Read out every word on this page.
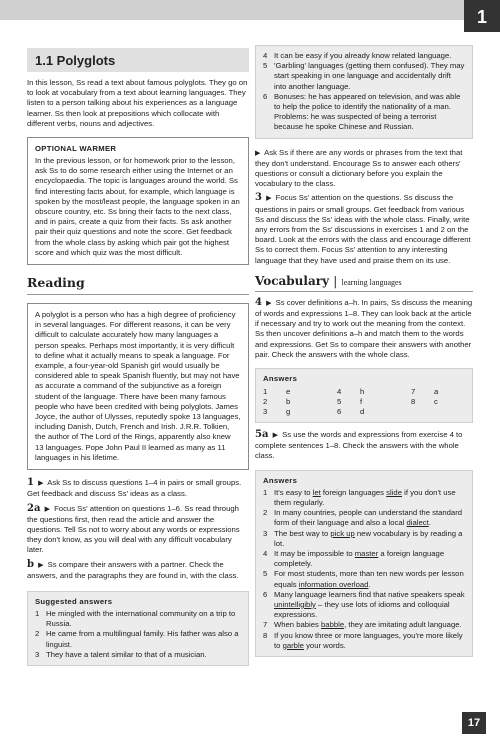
1
1.1 Polyglots

In this lesson, Ss read a text about famous polyglots. They go on to look at vocabulary from a text about learning languages. They listen to a person talking about his experiences as a language learner. Ss then look at prepositions which collocate with different verbs, nouns and adjectives.

OPTIONAL WARMER

In the previous lesson, or for homework prior to the lesson, ask Ss to do some research either using the Internet or an encyclopaedia. The topic is languages around the world. Ss find interesting facts about, for example, which language is spoken by the most/least people, the language spoken in an obscure country, etc. Ss bring their facts to the next class, and in pairs, create a quiz from their facts. Ss ask another pair their quiz questions and note the score. Get feedback from the whole class by asking which pair got the highest score and which quiz was the most difficult.

Reading

A polyglot is a person who has a high degree of proficiency in several languages. For different reasons, it can be very difficult to calculate accurately how many languages a person speaks. Perhaps most importantly, it is very difficult to define what it actually means to speak a language. For example, a four-year-old Spanish girl would usually be considered able to speak Spanish fluently, but may not have as accurate a command of the subjunctive as a foreign student of the language. There have been many famous people who have been credited with being polyglots. James Joyce, the author of Ulysses, reputedly spoke 13 languages, including Danish, Dutch, French and Irish. J.R.R. Tolkien, the author of The Lord of the Rings, apparently also knew 13 languages. Pope John Paul II learned as many as 11 languages in his lifetime.

1 ▶ Ask Ss to discuss questions 1–4 in pairs or small groups. Get feedback and discuss Ss' ideas as a class.

2a ▶ Focus Ss' attention on questions 1–6. Ss read through the questions first, then read the article and answer the questions. Tell Ss not to worry about any words or expressions they don't know, as you will deal with any difficult vocabulary later.

b ▶ Ss compare their answers with a partner. Check the answers, and the paragraphs they are found in, with the class.

Suggested answers
1 He mingled with the international community on a trip to Russia.
2 He came from a multilingual family. His father was also a linguist.
3 They have a talent similar to that of a musician.
4 It can be easy if you already know related language.
5 'Garbling' languages (getting them confused). They may start speaking in one language and accidentally drift into another language.
6 Bonuses: he has appeared on television, and was able to help the police to identify the nationality of a man. Problems: he was suspected of being a terrorist because he spoke Chinese and Russian.

▶ Ask Ss if there are any words or phrases from the text that they don't understand. Encourage Ss to answer each others' questions or consult a dictionary before you explain the vocabulary to the class.

3 ▶ Focus Ss' attention on the questions. Ss discuss the questions in pairs or small groups. Get feedback from various Ss and discuss the Ss' ideas with the whole class. Finally, write any errors from the Ss' discussions in exercises 1 and 2 on the board. Look at the errors with the class and encourage different Ss to correct them. Focus Ss' attention to any interesting language that they have used and praise them on its use.

Vocabulary | learning languages

4 ▶ Ss cover definitions a–h. In pairs, Ss discuss the meaning of words and expressions 1–8. They can look back at the article if necessary and try to work out the meaning from the context. Ss then uncover definitions a–h and match them to the words and expressions. Get Ss to compare their answers with another pair. Check the answers with the whole class.

Answers
1	e	4	h	7	a
2	b	5	f	8	c
3	g	6	d		

5a ▶ Ss use the words and expressions from exercise 4 to complete sentences 1–8. Check the answers with the whole class.

Answers
1 It's easy to let foreign languages slide if you don't use them regularly.
2 In many countries, people can understand the standard form of their language and also a local dialect.
3 The best way to pick up new vocabulary is by reading a lot.
4 It may be impossible to master a foreign language completely.
5 For most students, more than ten new words per lesson equals information overload.
6 Many language learners find that native speakers speak unintelligibly – they use lots of idioms and colloquial expressions.
7 When babies babble, they are imitating adult language.
8 If you know three or more languages, you're more likely to garble your words.
17
